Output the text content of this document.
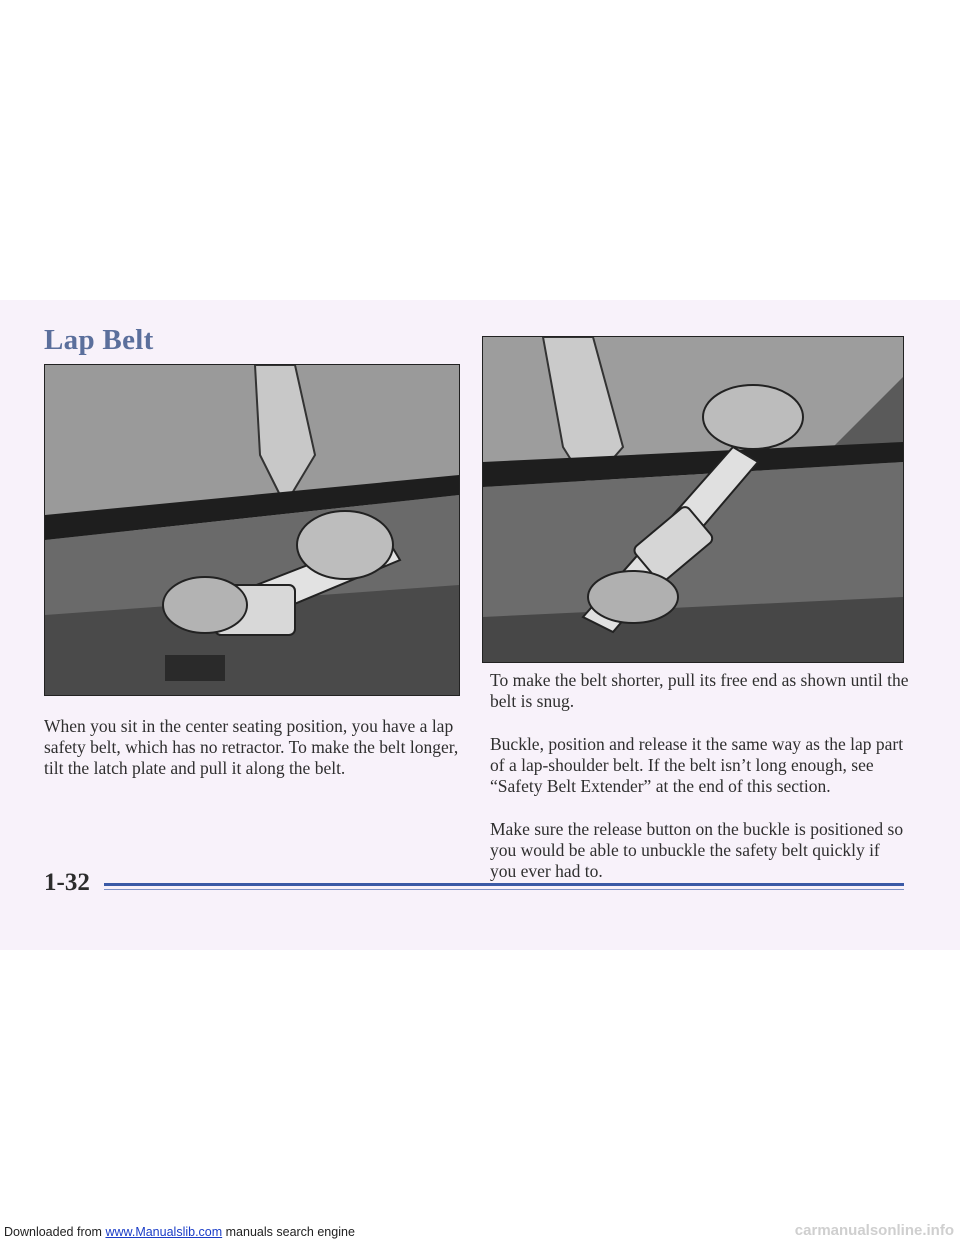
Lap Belt

When you sit in the center seating position, you have a lap safety belt, which has no retractor. To make the belt longer, tilt the latch plate and pull it along the belt.

To make the belt shorter, pull its free end as shown until the belt is snug.

Buckle, position and release it the same way as the lap part of a lap-shoulder belt. If the belt isn’t long enough, see “Safety Belt Extender” at the end of this section.

Make sure the release button on the buckle is positioned so you would be able to unbuckle the safety belt quickly if you ever had to.

1-32
Downloaded from www.Manualslib.com manuals search engine	carmanualsonline.info
